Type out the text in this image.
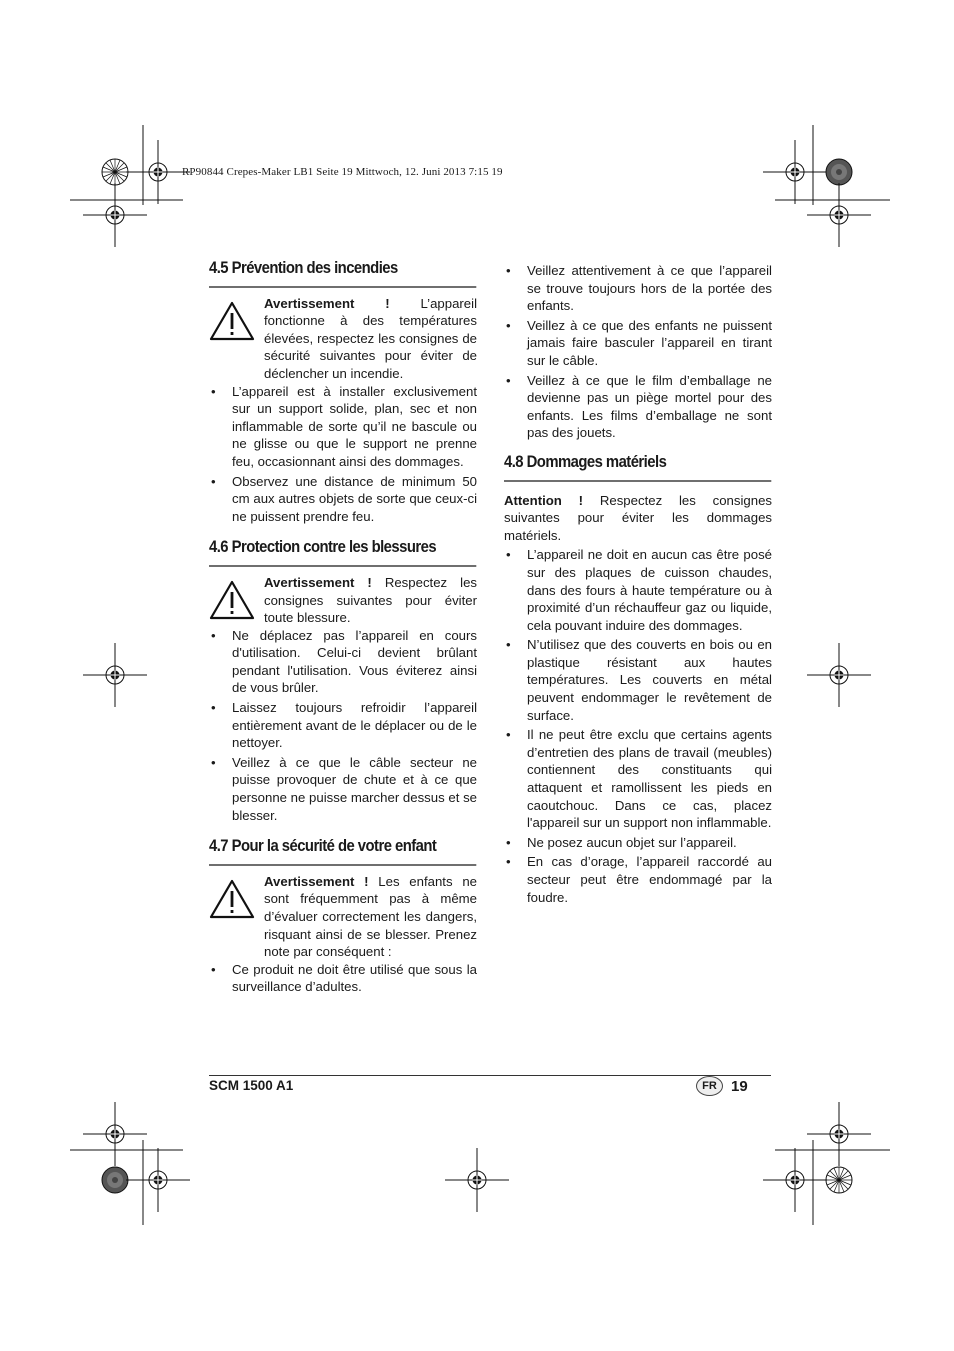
RP90844 Crepes-Maker LB1 Seite 19 Mittwoch, 12. Juni 2013 7:15 19
4.5 Prévention des incendies
Avertissement ! L’appareil fonctionne à des températures élevées, respectez les consignes de sécurité suivantes pour éviter de déclencher un incendie.
• L’appareil est à installer exclusivement sur un support solide, plan, sec et non inflammable de sorte qu’il ne bascule ou ne glisse ou que le support ne prenne feu, occasionnant ainsi des dommages.
• Observez une distance de minimum 50 cm aux autres objets de sorte que ceux-ci ne puissent prendre feu.
4.6 Protection contre les blessures
Avertissement ! Respectez les consignes suivantes pour éviter toute blessure.
• Ne déplacez pas l’appareil en cours d'utilisation. Celui-ci devient brûlant pendant l'utilisation. Vous éviterez ainsi de vous brûler.
• Laissez toujours refroidir l’appareil entièrement avant de le déplacer ou de le nettoyer.
• Veillez à ce que le câble secteur ne puisse provoquer de chute et à ce que personne ne puisse marcher dessus et se blesser.
4.7 Pour la sécurité de votre enfant
Avertissement ! Les enfants ne sont fréquemment pas à même d’évaluer correctement les dangers, risquant ainsi de se blesser. Prenez note par conséquent :
• Ce produit ne doit être utilisé que sous la surveillance d’adultes.
• Veillez attentivement à ce que l’appareil se trouve toujours hors de la portée des enfants.
• Veillez à ce que des enfants ne puissent jamais faire basculer l’appareil en tirant sur le câble.
• Veillez à ce que le film d’emballage ne devienne pas un piège mortel pour des enfants. Les films d’emballage ne sont pas des jouets.
4.8 Dommages matériels

Attention ! Respectez les consignes suivantes pour éviter les dommages matériels.

• L’appareil ne doit en aucun cas être posé sur des plaques de cuisson chaudes, dans des fours à haute température ou à proximité d’un réchauffeur gaz ou liquide, cela pouvant induire des dommages.
• N’utilisez que des couverts en bois ou en plastique résistant aux hautes températures. Les couverts en métal peuvent endommager le revêtement de surface.
• Il ne peut être exclu que certains agents d’entretien des plans de travail (meubles) contiennent des constituants qui attaquent et ramollissent les pieds en caoutchouc. Dans ce cas, placez l'appareil sur un support non inflammable.
• Ne posez aucun objet sur l’appareil.
• En cas d’orage, l’appareil raccordé au secteur peut être endommagé par la foudre.
SCM 1500 A1	FR 19
